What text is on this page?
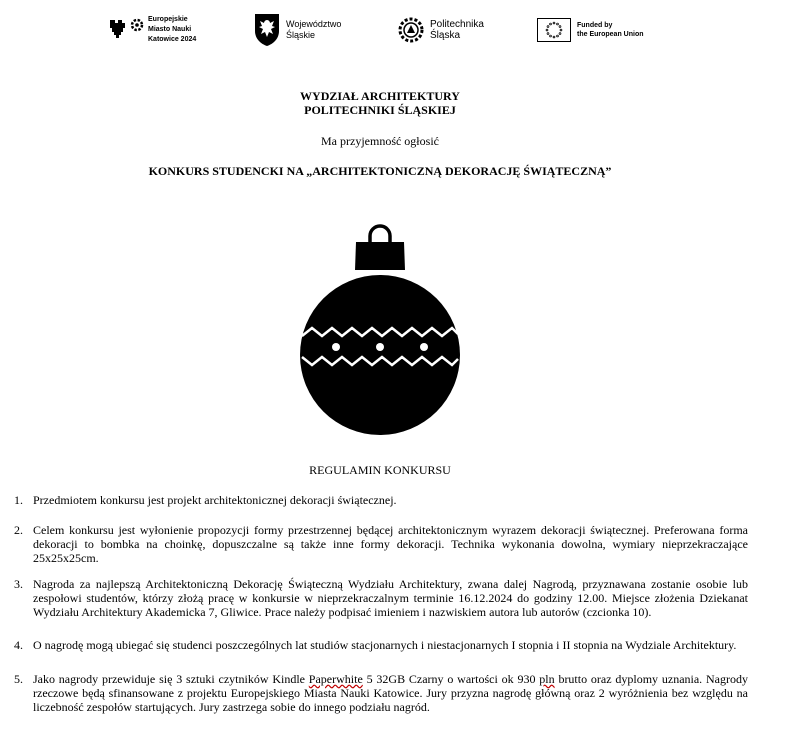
Europejskie
Miasto Nauki
Katowice 2024
Województwo
Śląskie
Politechnika
Śląska
Funded by
the European Union
WYDZIAŁ ARCHITEKTURY
POLITECHNIKI ŚLĄSKIEJ
Ma przyjemność ogłosić
KONKURS STUDENCKI NA „ARCHITEKTONICZNĄ DEKORACJĘ ŚWIĄTECZNĄ”
REGULAMIN KONKURSU
1. Przedmiotem konkursu jest projekt architektonicznej dekoracji świątecznej.
2. Celem konkursu jest wyłonienie propozycji formy przestrzennej będącej architektonicznym wyrazem dekoracji świątecznej. Preferowana forma dekoracji to bombka na choinkę, dopuszczalne są także inne formy dekoracji. Technika wykonania dowolna, wymiary nieprzekraczające 25x25x25cm.
3. Nagroda za najlepszą Architektoniczną Dekorację Świąteczną Wydziału Architektury, zwana dalej Nagrodą, przyznawana zostanie osobie lub zespołowi studentów, którzy złożą pracę w konkursie w nieprzekraczalnym terminie 16.12.2024 do godziny 12.00. Miejsce złożenia Dziekanat Wydziału Architektury Akademicka 7, Gliwice. Prace należy podpisać imieniem i nazwiskiem autora lub autorów (czcionka 10).
4. O nagrodę mogą ubiegać się studenci poszczególnych lat studiów stacjonarnych i niestacjonarnych I stopnia i II stopnia na Wydziale Architektury.
5. Jako nagrody przewiduje się 3 sztuki czytników Kindle Paperwhite 5 32GB Czarny o wartości ok 930 pln brutto oraz dyplomy uznania. Nagrody rzeczowe będą sfinansowane z projektu Europejskiego Miasta Nauki Katowice. Jury przyzna nagrodę główną oraz 2 wyróżnienia bez względu na liczebność zespołów startujących. Jury zastrzega sobie do innego podziału nagród.
